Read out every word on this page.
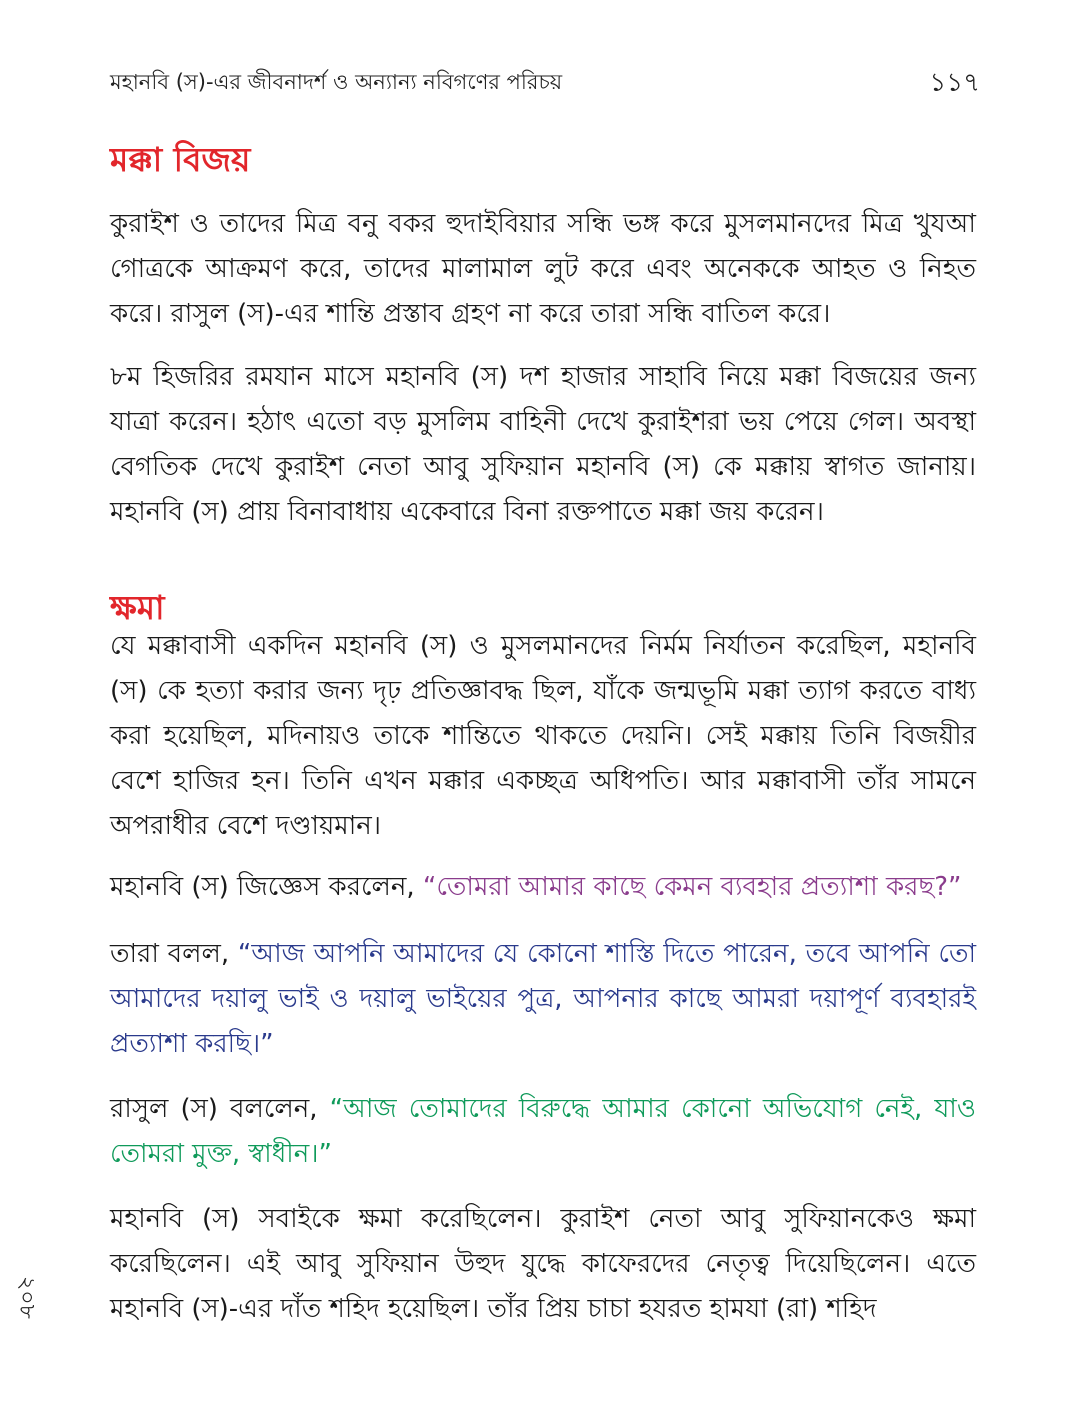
মহানবি (স)-এর জীবনাদর্শ ও অন্যান্য নবিগণের পরিচয়	১১৭
মক্কা বিজয়

কুরাইশ ও তাদের মিত্র বনু বকর হুদাইবিয়ার সন্ধি ভঙ্গ করে মুসলমানদের মিত্র খুযআ গোত্রকে আক্রমণ করে, তাদের মালামাল লুট করে এবং অনেককে আহত ও নিহত করে। রাসুল (স)-এর শান্তি প্রস্তাব গ্রহণ না করে তারা সন্ধি বাতিল করে।

৮ম হিজরির রমযান মাসে মহানবি (স) দশ হাজার সাহাবি নিয়ে মক্কা বিজয়ের জন্য যাত্রা করেন। হঠাৎ এতো বড় মুসলিম বাহিনী দেখে কুরাইশরা ভয় পেয়ে গেল। অবস্থা বেগতিক দেখে কুরাইশ নেতা আবু সুফিয়ান মহানবি (স) কে মক্কায় স্বাগত জানায়। মহানবি (স) প্রায় বিনাবাধায় একেবারে বিনা রক্তপাতে মক্কা জয় করেন।

ক্ষমা

যে মক্কাবাসী একদিন মহানবি (স) ও মুসলমানদের নির্মম নির্যাতন করেছিল, মহানবি (স) কে হত্যা করার জন্য দৃঢ় প্রতিজ্ঞাবদ্ধ ছিল, যাঁকে জন্মভূমি মক্কা ত্যাগ করতে বাধ্য করা হয়েছিল, মদিনায়ও তাকে শান্তিতে থাকতে দেয়নি। সেই মক্কায় তিনি বিজয়ীর বেশে হাজির হন। তিনি এখন মক্কার একচ্ছত্র অধিপতি। আর মক্কাবাসী তাঁর সামনে অপরাধীর বেশে দণ্ডায়মান।

মহানবি (স) জিজ্ঞেস করলেন, “তোমরা আমার কাছে কেমন ব্যবহার প্রত্যাশা করছ?”

তারা বলল, “আজ আপনি আমাদের যে কোনো শাস্তি দিতে পারেন, তবে আপনি তো আমাদের দয়ালু ভাই ও দয়ালু ভাইয়ের পুত্র, আপনার কাছে আমরা দয়াপূর্ণ ব্যবহারই প্রত্যাশা করছি।”

রাসুল (স) বললেন, “আজ তোমাদের বিরুদ্ধে আমার কোনো অভিযোগ নেই, যাও তোমরা মুক্ত, স্বাধীন।”

মহানবি (স) সবাইকে ক্ষমা করেছিলেন। কুরাইশ নেতা আবু সুফিয়ানকেও ক্ষমা করেছিলেন। এই আবু সুফিয়ান উহুদ যুদ্ধে কাফেরদের নেতৃত্ব দিয়েছিলেন। এতে মহানবি (স)-এর দাঁত শহিদ হয়েছিল। তাঁর প্রিয় চাচা হযরত হামযা (রা) শহিদ

২০৮
